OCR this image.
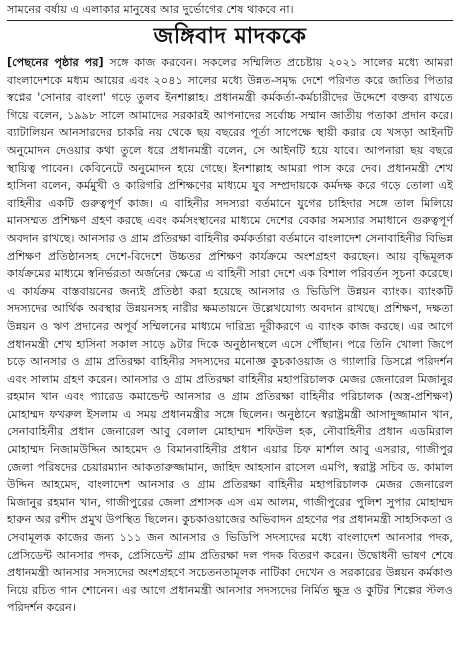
সামনের বর্ষায় এ এলাকার মানুষের আর দুর্ভোগের শেষ থাকবে না।
জঙ্গিবাদ মাদককে

[পেছনের পৃষ্ঠার পর] সঙ্গে কাজ করবেন। সকলের সম্মিলিত প্রচেষ্টায় ২০২১ সালের মধ্যে আমরা বাংলাদেশকে মধ্যম আয়ের এবং ২০৪১ সালের মধ্যে উন্নত-সমৃদ্ধ দেশে পরিণত করে জাতির পিতার স্বপ্নের 'সোনার বাংলা' গড়ে তুলব ইনশাল্লাহ। প্রধানমন্ত্রী কর্মকর্তা-কর্মচারীদের উদ্দেশে বক্তব্য রাখতে গিয়ে বলেন, ১৯৯৮ সালে আমাদের সরকারই আপনাদের সর্বোচ্চ সম্মান জাতীয় পতাকা প্রদান করে। ব্যাটালিয়ন আনসারদের চাকরি নয় থেকে ছয় বছরের পূর্তা সাপেক্ষে স্থায়ী করার যে খসড়া আইনটি অনুমোদন দেওয়ার কথা তুলে ধরে প্রধানমন্ত্রী বলেন, সে আইনটি হয়ে যাবে। আপনারা ছয় বছরে স্থায়িত্ব পাবেন। কেবিনেটে অনুমোদন হয়ে গেছে। ইনশাল্লাহ আমরা পাস করে দেব। প্রধানমন্ত্রী শেখ হাসিনা বলেন, কর্মমুখী ও কারিগরি প্রশিক্ষণের মাধ্যমে যুব সম্প্রদায়কে কর্মদক্ষ করে গড়ে তোলা এই বাহিনীর একটি গুরুত্বপূর্ণ কাজ। এ বাহিনীর সদস্যরা বর্তমানে যুগের চাহিদার সঙ্গে তাল মিলিয়ে মানসম্মত প্রশিক্ষণ গ্রহণ করছে এবং কর্মসংস্থানের মাধ্যমে দেশের বেকার সমস্যার সমাধানে গুরুত্বপূর্ণ অবদান রাখছে। আনসার ও গ্রাম প্রতিরক্ষা বাহিনীর কর্মকর্তারা বর্তমানে বাংলাদেশ সেনাবাহিনীর বিভিন্ন প্রশিক্ষণ প্রতিষ্ঠানসহ দেশে-বিদেশে উচ্চতর প্রশিক্ষণ কার্যক্রমে অংশগ্রহণ করছেন। আয় বৃদ্ধিমূলক কার্যক্রমের মাধ্যমে স্বনির্ভরতা অর্জনের ক্ষেত্রে এ বাহিনী সারা দেশে এক বিশাল পরিবর্তন সূচনা করেছে। এ কার্যক্রম বাস্তবায়নের জন্যই প্রতিষ্ঠা করা হয়েছে আনসার ও ভিডিপি উন্নয়ন ব্যাংক। ব্যাংকটি সদস্যদের আর্থিক অবস্থার উন্নয়নসহ নারীর ক্ষমতায়নে উল্লেখযোগ্য অবদান রাখছে। প্রশিক্ষণ, দক্ষতা উন্নয়ন ও ঋণ প্রদানের অপূর্ব সম্মিলনের মাধ্যমে দারিদ্র্য দূরীকরণে এ ব্যাংক কাজ করছে। এর আগে প্রধানমন্ত্রী শেখ হাসিনা সকাল সাড়ে ৯টার দিকে অনুষ্ঠানস্থলে এসে পৌঁছান। পরে তিনি খোলা জিপে চড়ে আনসার ও গ্রাম প্রতিরক্ষা বাহিনীর সদস্যদের মনোজ্ঞ কুচকাওয়াজ ও গ্যালারি ডিসপ্লে পরিদর্শন এবং সালাম গ্রহণ করেন। আনসার ও গ্রাম প্রতিরক্ষা বাহিনীর মহাপরিচালক মেজর জেনারেল মিজানুর রহমান খান এবং প্যারেড কমান্ডেন্ট আনসার ও গ্রাম প্রতিরক্ষা বাহিনীর পরিচালক (অস্ত্র-প্রশিক্ষণ) মোহাম্মদ ফখরুল ইসলাম এ সময় প্রধানমন্ত্রীর সঙ্গে ছিলেন। অনুষ্ঠানে স্বরাষ্ট্রমন্ত্রী আসাদুজ্জামান খান, সেনাবাহিনীর প্রধান জেনারেল আবু বেলাল মোহাম্মদ শফিউল হক, নৌবাহিনীর প্রধান এডমিরাল মোহাম্মদ নিজামউদ্দিন আহমেদ ও বিমানবাহিনীর প্রধান এয়ার চিফ মার্শাল আবু এসরার, গাজীপুর জেলা পরিষদের চেয়ারম্যান আকতারুজ্জামান, জাহিদ আহসান রাসেল এমপি, স্বরাষ্ট্র সচিব ড. কামাল উদ্দিন আহমেদ, বাংলাদেশ আনসার ও গ্রাম প্রতিরক্ষা বাহিনীর মহাপরিচালক মেজর জেনারেল মিজানুর রহমান খান, গাজীপুরের জেলা প্রশাসক এস এম আলম, গাজীপুরের পুলিশ সুপার মোহাম্মদ হারুন অর রশীদ প্রমুখ উপস্থিত ছিলেন। কুচকাওয়াজের অভিবাদন গ্রহণের পর প্রধানমন্ত্রী সাহসিকতা ও সেবামূলক কাজের জন্য ১১১ জন আনসার ও ভিডিপি সদস্যদের মধ্যে বাংলাদেশ আনসার পদক, প্রেসিডেন্ট আনসার পদক, প্রেসিডেন্ট গ্রাম প্রতিরক্ষা দল পদক বিতরণ করেন। উদ্বোধনী ভাষণ শেষে প্রধানমন্ত্রী আনসার সদস্যদের অংশগ্রহণে সচেতনতামূলক নাটিকা দেখেন ও সরকারের উন্নয়ন কর্মকাণ্ড নিয়ে রচিত গান শোনেন। এর আগে প্রধানমন্ত্রী আনসার সদস্যদের নির্মিত ক্ষুদ্র ও কুটির শিল্পের স্টলও পরিদর্শন করেন।
